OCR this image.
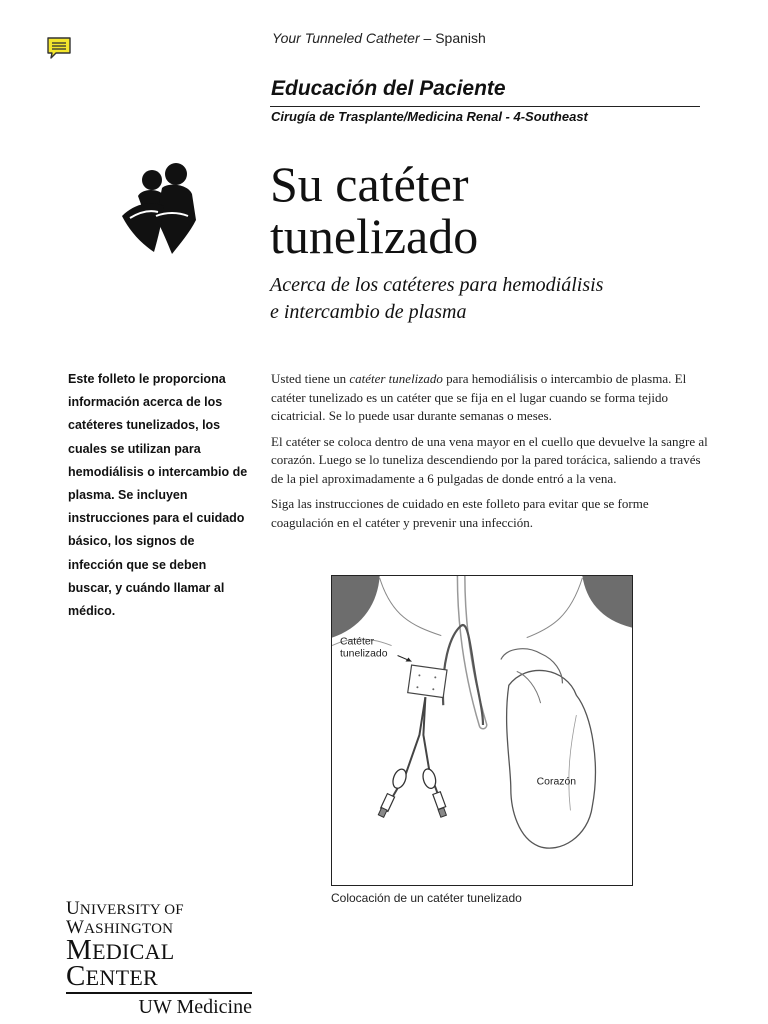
Your Tunneled Catheter – Spanish
Educación del Paciente
Cirugía de Trasplante/Medicina Renal - 4-Southeast
Su catéter
tunelizado
Acerca de los catéteres para hemodiálisis
e intercambio de plasma
Este folleto le proporciona información acerca de los catéteres tunelizados, los cuales se utilizan para hemodiálisis o intercambio de plasma. Se incluyen instrucciones para el cuidado básico, los signos de infección que se deben buscar, y cuándo llamar al médico.

Usted tiene un catéter tunelizado para hemodiálisis o intercambio de plasma. El catéter tunelizado es un catéter que se fija en el lugar cuando se forma tejido cicatricial. Se lo puede usar durante semanas o meses.

El catéter se coloca dentro de una vena mayor en el cuello que devuelve la sangre al corazón. Luego se lo tuneliza descendiendo por la pared torácica, saliendo a través de la piel aproximadamente a 6 pulgadas de donde entró a la vena.

Siga las instrucciones de cuidado en este folleto para evitar que se forme coagulación en el catéter y prevenir una infección.

Catéter
tunelizado
Corazón
Colocación de un catéter tunelizado
UNIVERSITY OF WASHINGTON
MEDICAL CENTER
UW Medicine
